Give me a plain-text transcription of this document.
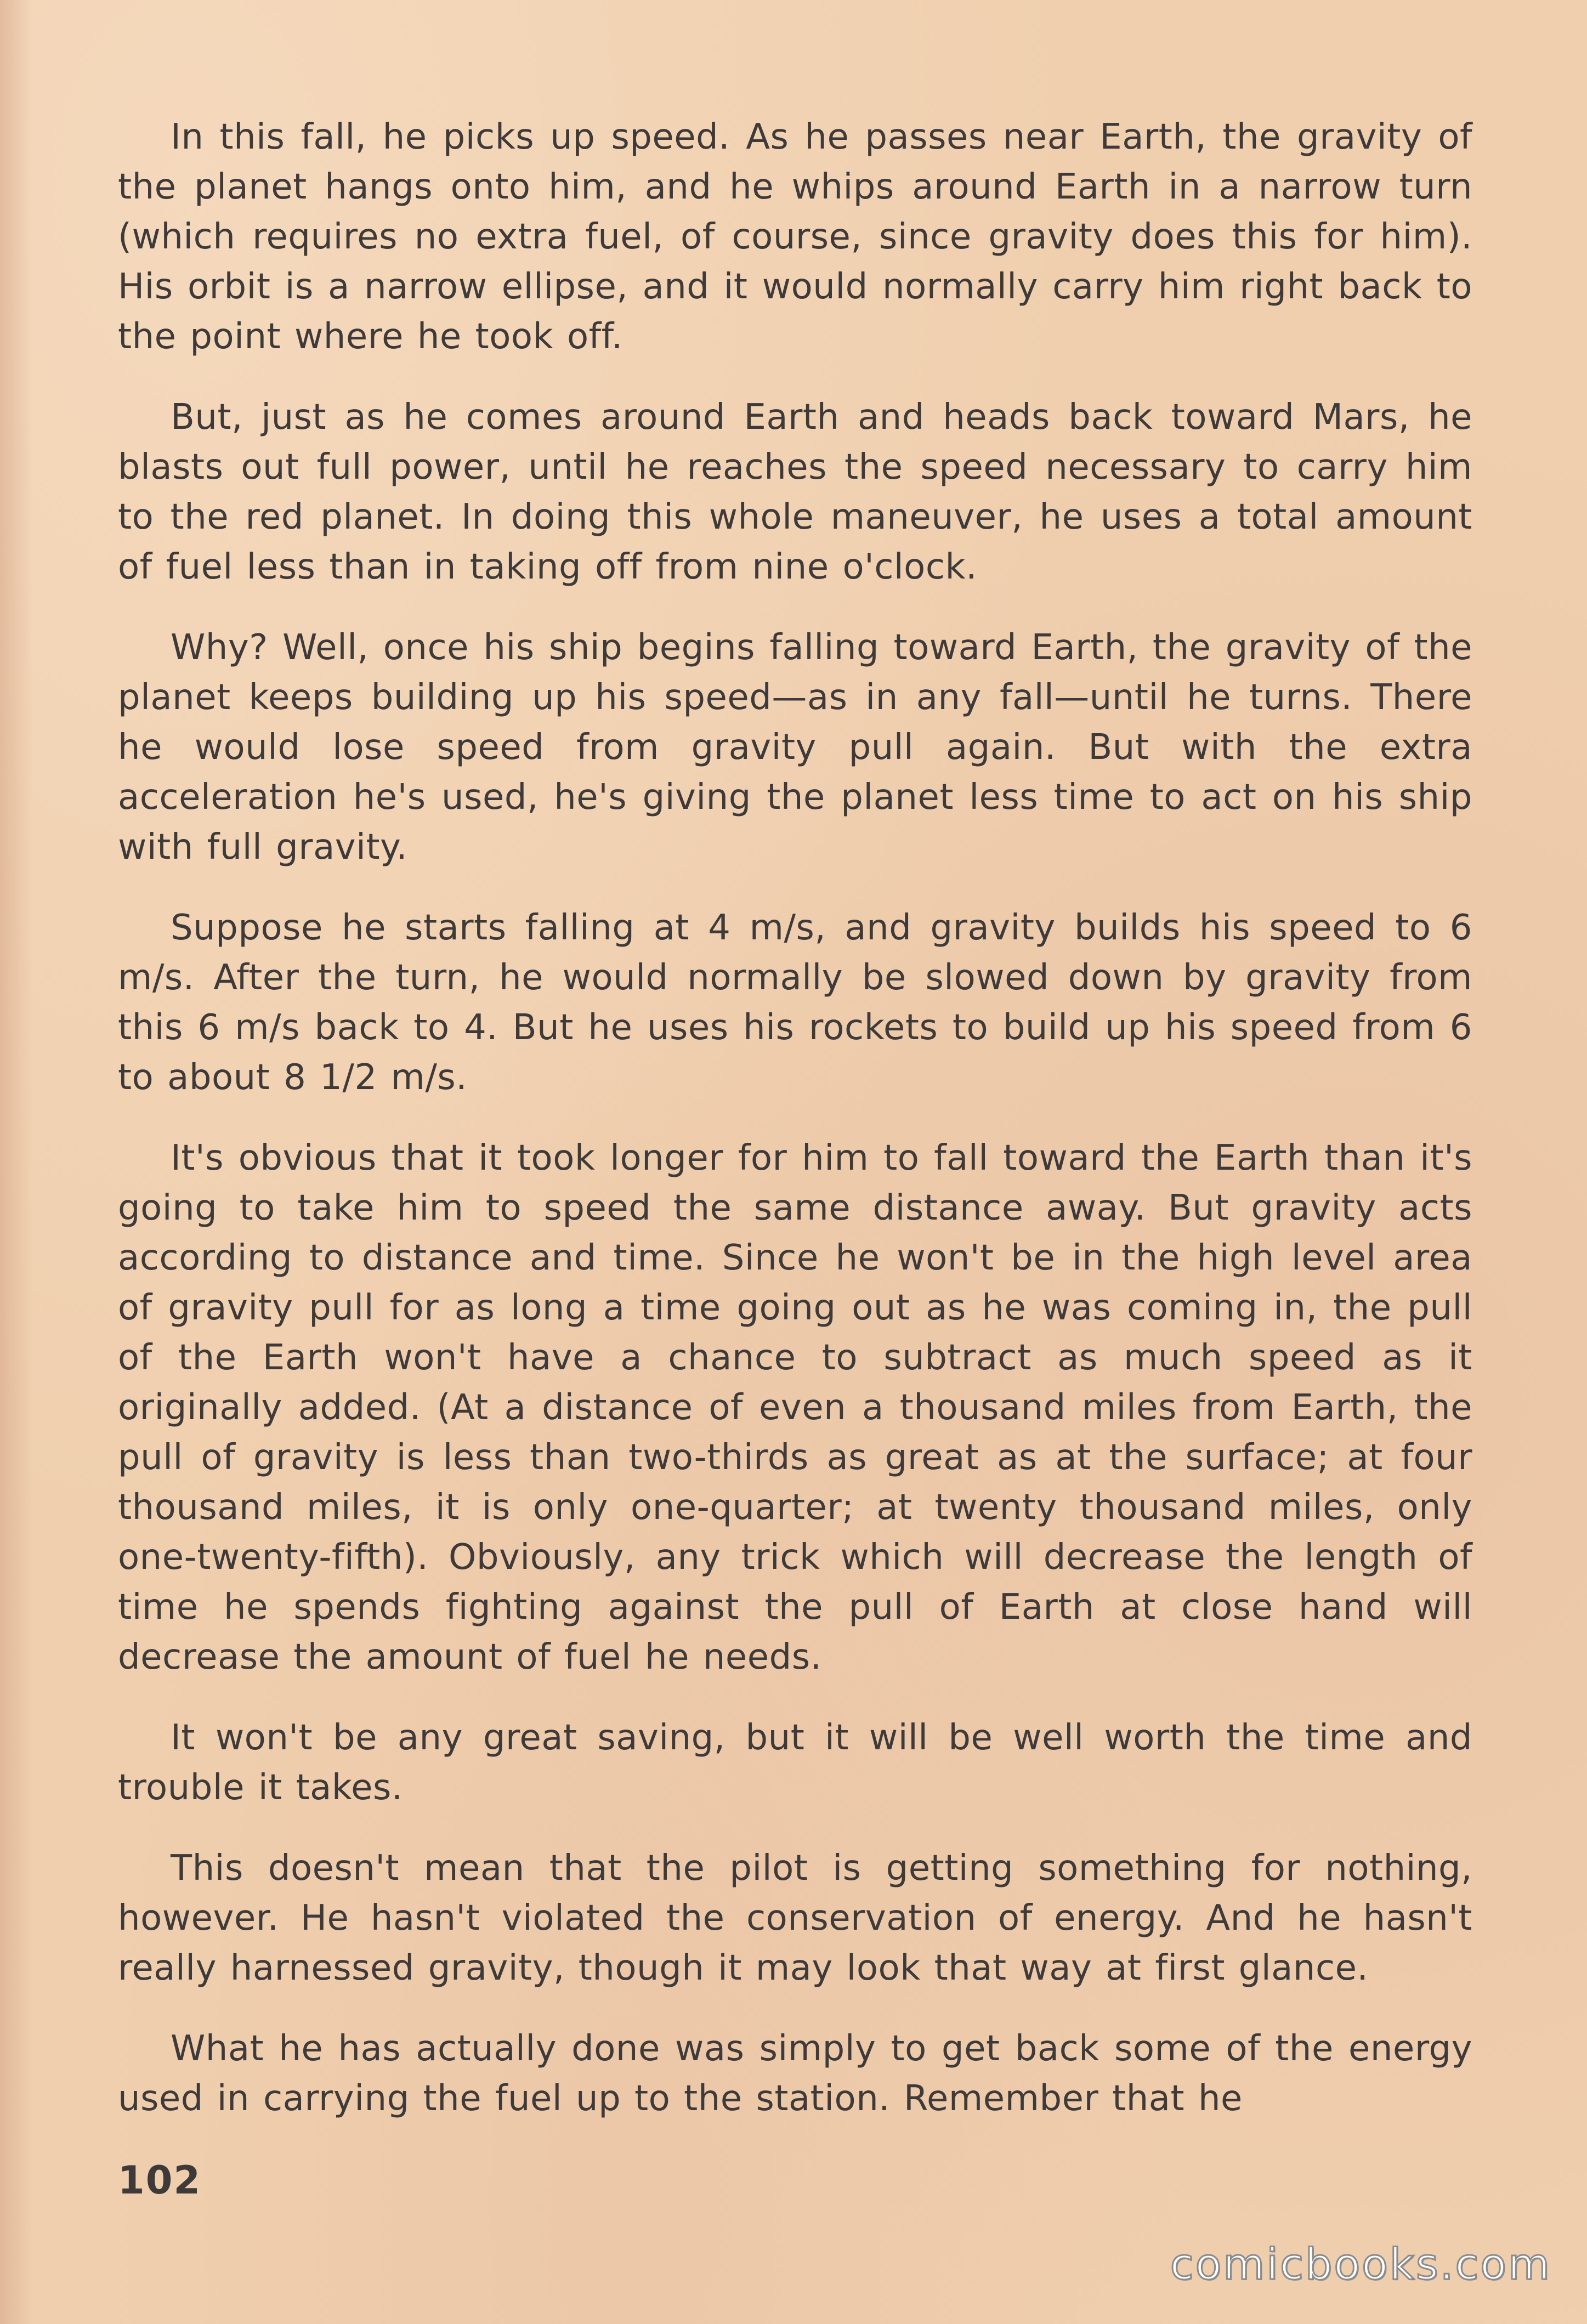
In this fall, he picks up speed. As he passes near Earth, the gravity of the planet hangs onto him, and he whips around Earth in a narrow turn (which requires no extra fuel, of course, since gravity does this for him). His orbit is a narrow ellipse, and it would normally carry him right back to the point where he took off.

But, just as he comes around Earth and heads back toward Mars, he blasts out full power, until he reaches the speed necessary to carry him to the red planet. In doing this whole maneuver, he uses a total amount of fuel less than in taking off from nine o'clock.

Why? Well, once his ship begins falling toward Earth, the gravity of the planet keeps building up his speed—as in any fall—until he turns. There he would lose speed from gravity pull again. But with the extra acceleration he's used, he's giving the planet less time to act on his ship with full gravity.

Suppose he starts falling at 4 m/s, and gravity builds his speed to 6 m/s. After the turn, he would normally be slowed down by gravity from this 6 m/s back to 4. But he uses his rockets to build up his speed from 6 to about 8 1/2 m/s.

It's obvious that it took longer for him to fall toward the Earth than it's going to take him to speed the same distance away. But gravity acts according to distance and time. Since he won't be in the high level area of gravity pull for as long a time going out as he was coming in, the pull of the Earth won't have a chance to subtract as much speed as it originally added. (At a distance of even a thousand miles from Earth, the pull of gravity is less than two-thirds as great as at the surface; at four thousand miles, it is only one-quarter; at twenty thousand miles, only one-twenty-fifth). Obviously, any trick which will decrease the length of time he spends fighting against the pull of Earth at close hand will decrease the amount of fuel he needs.

It won't be any great saving, but it will be well worth the time and trouble it takes.

This doesn't mean that the pilot is getting something for nothing, however. He hasn't violated the conservation of energy. And he hasn't really harnessed gravity, though it may look that way at first glance.

What he has actually done was simply to get back some of the energy used in carrying the fuel up to the station. Remember that he

102
comicbooks.com
